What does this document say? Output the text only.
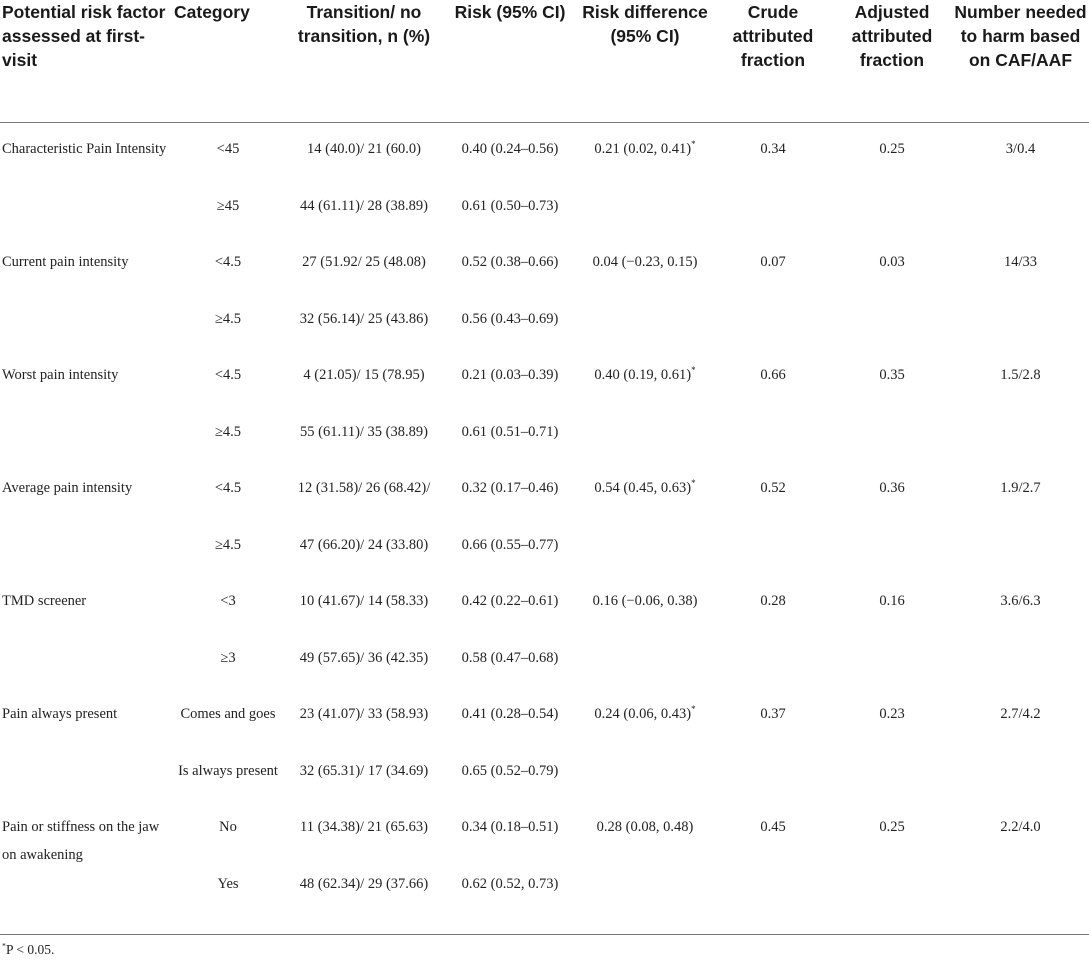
Potential risk factor assessed at first-visit	Category	Transition/ no transition, n (%)	Risk (95% CI)	Risk difference (95% CI)	Crude attributed fraction	Adjusted attributed fraction	Number needed to harm based on CAF/AAF
Characteristic Pain Intensity	<45	14 (40.0)/ 21 (60.0)	0.40 (0.24–0.56)	0.21 (0.02, 0.41)*	0.34	0.25	3/0.4
	≥45	44 (61.11)/ 28 (38.89)	0.61 (0.50–0.73)				
Current pain intensity	<4.5	27 (51.92/ 25 (48.08)	0.52 (0.38–0.66)	0.04 (−0.23, 0.15)	0.07	0.03	14/33
	≥4.5	32 (56.14)/ 25 (43.86)	0.56 (0.43–0.69)				
Worst pain intensity	<4.5	4 (21.05)/ 15 (78.95)	0.21 (0.03–0.39)	0.40 (0.19, 0.61)*	0.66	0.35	1.5/2.8
	≥4.5	55 (61.11)/ 35 (38.89)	0.61 (0.51–0.71)				
Average pain intensity	<4.5	12 (31.58)/ 26 (68.42)/	0.32 (0.17–0.46)	0.54 (0.45, 0.63)*	0.52	0.36	1.9/2.7
	≥4.5	47 (66.20)/ 24 (33.80)	0.66 (0.55–0.77)				
TMD screener	<3	10 (41.67)/ 14 (58.33)	0.42 (0.22–0.61)	0.16 (−0.06, 0.38)	0.28	0.16	3.6/6.3
	≥3	49 (57.65)/ 36 (42.35)	0.58 (0.47–0.68)				
Pain always present	Comes and goes	23 (41.07)/ 33 (58.93)	0.41 (0.28–0.54)	0.24 (0.06, 0.43)*	0.37	0.23	2.7/4.2
	Is always present	32 (65.31)/ 17 (34.69)	0.65 (0.52–0.79)				
Pain or stiffness on the jaw on awakening	No	11 (34.38)/ 21 (65.63)	0.34 (0.18–0.51)	0.28 (0.08, 0.48)	0.45	0.25	2.2/4.0
	Yes	48 (62.34)/ 29 (37.66)	0.62 (0.52, 0.73)				
*P < 0.05.
